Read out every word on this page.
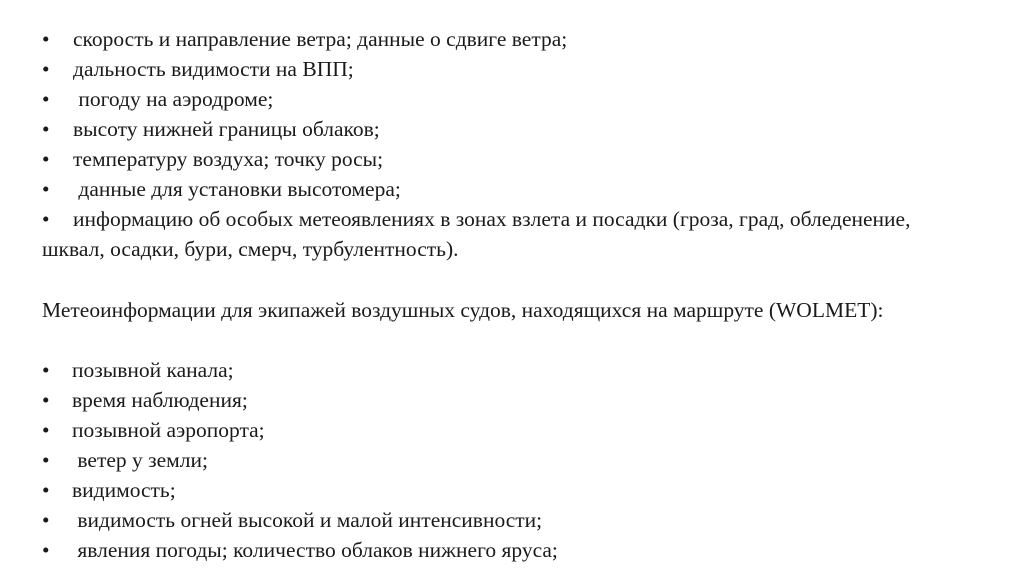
• скорость и направление ветра; данные о сдвиге ветра;
• дальность видимости на ВПП;
• погоду на аэродроме;
• высоту нижней границы облаков;
• температуру воздуха; точку росы;
• данные для установки высотомера;
• информацию об особых метеоявлениях в зонах взлета и посадки (гроза, град, обледенение, шквал, осадки, бури, смерч, турбулентность).

Метеоинформации для экипажей воздушных судов, находящихся на маршруте (WOLMET):

• позывной канала;
• время наблюдения;
• позывной аэропорта;
• ветер у земли;
• видимость;
• видимость огней высокой и малой интенсивности;
• явления погоды; количество облаков нижнего яруса;
